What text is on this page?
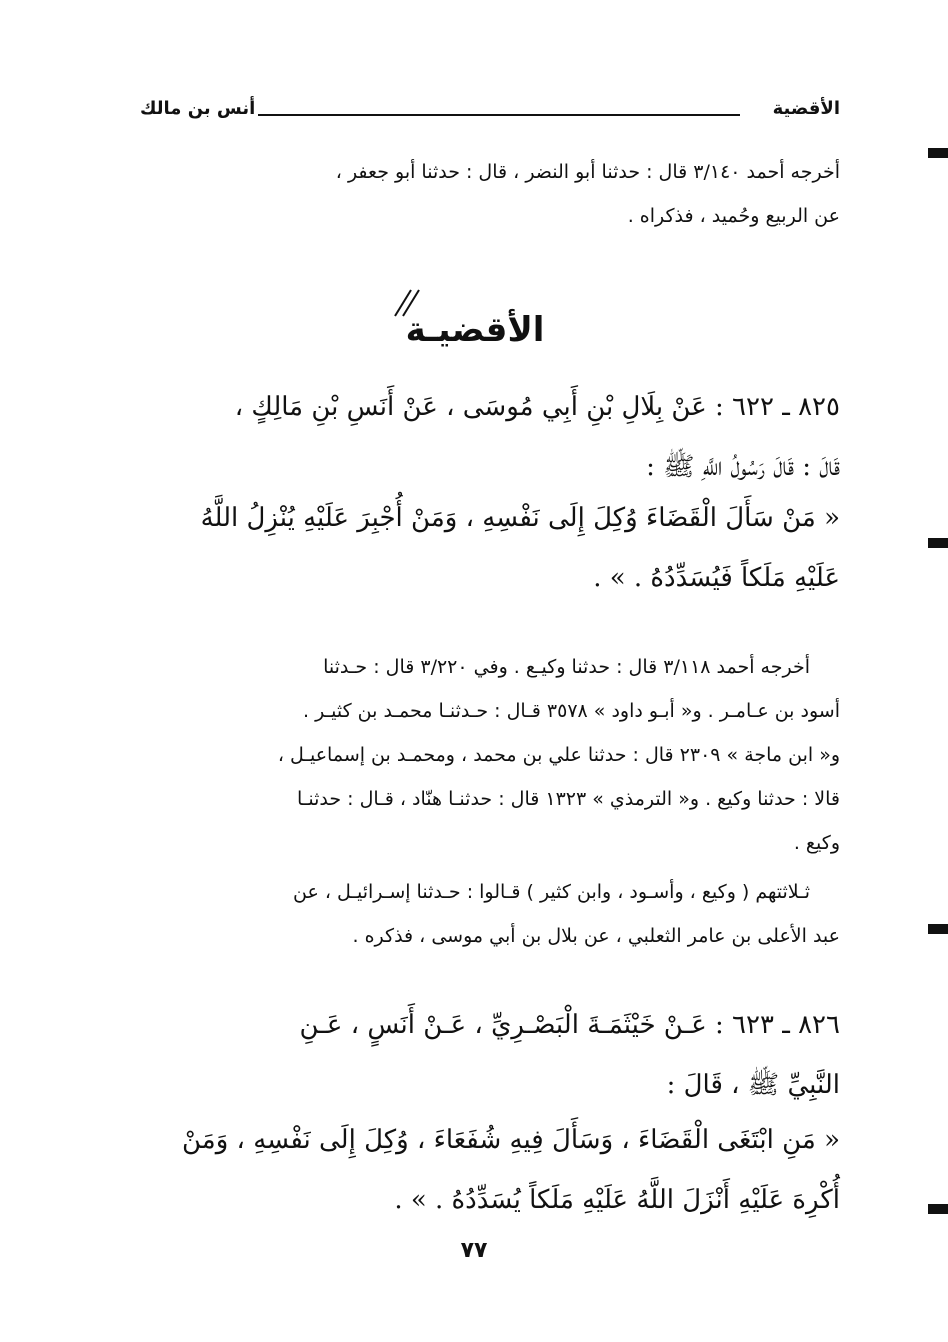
الأقضية
أنس بن مالك
أخرجه أحمد ٣/١٤٠ قال : حدثنا أبو النضر ، قال : حدثنا أبو جعفر ،
عن الربيع وحُميد ، فذكراه .
الأقضيـة
٨٢٥ ـ ٦٢٢ : عَنْ بِلَالِ بْنِ أَبِي مُوسَى ، عَنْ أَنَسِ بْنِ مَالِكٍ ،
قَالَ : قَالَ رَسُولُ اللَّهِ ﷺ :
« مَنْ سَأَلَ الْقَضَاءَ وُكِلَ إِلَى نَفْسِهِ ، وَمَنْ أُجْبِرَ عَلَيْهِ يُنْزِلُ اللَّهُ
عَلَيْهِ مَلَكاً فَيُسَدِّدُهُ . » .
أخرجه أحمد ٣/١١٨ قال : حدثنا وكيـع . وفي ٣/٢٢٠ قال : حـدثنا
أسود بن عـامـر . و« أبـو داود » ٣٥٧٨ قـال : حـدثنـا محمـد بن كثيـر .
و« ابن ماجة » ٢٣٠٩ قال : حدثنا علي بن محمد ، ومحمـد بن إسماعيـل ،
قالا : حدثنا وكيع . و« الترمذي » ١٣٢٣ قال : حدثنـا هنّاد ، قـال : حدثنـا
وكيع .
ثـلاثتهم ( وكيع ، وأسـود ، وابن كثير ) قـالوا : حـدثنا إسـرائيـل ، عن
عبد الأعلى بن عامر الثعلبي ، عن بلال بن أبي موسى ، فذكره .
٨٢٦ ـ ٦٢٣ : عَـنْ خَيْثَمَـةَ الْبَصْـرِيِّ ، عَـنْ أَنَسٍ ، عَـنِ
النَّبِيِّ ﷺ ، قَالَ :
« مَنِ ابْتَغَى الْقَضَاءَ ، وَسَأَلَ فِيهِ شُفَعَاءَ ، وُكِلَ إِلَى نَفْسِهِ ، وَمَنْ
أُكْرِهَ عَلَيْهِ أَنْزَلَ اللَّهُ عَلَيْهِ مَلَكاً يُسَدِّدُهُ . » .
٧٧
